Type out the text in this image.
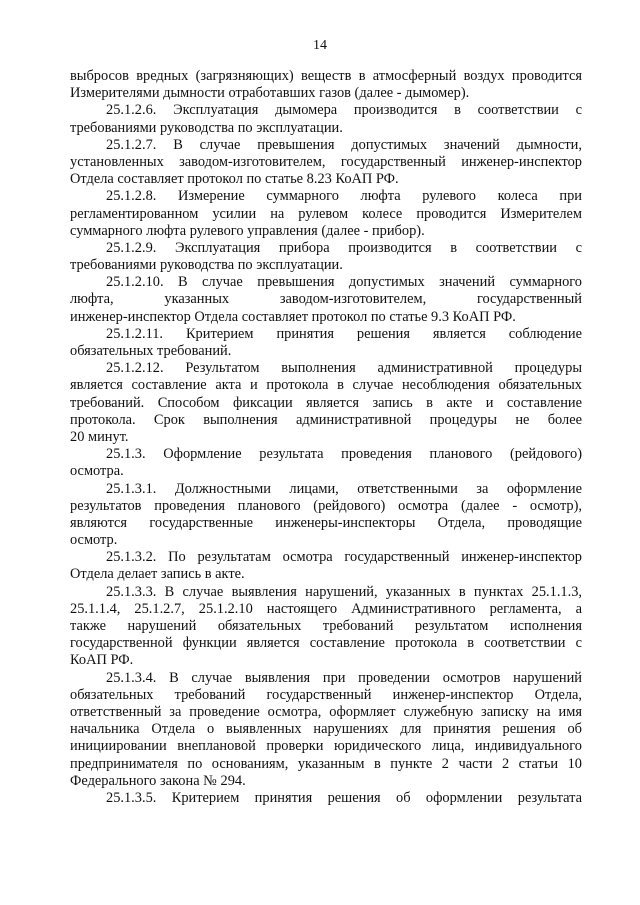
14
выбросов вредных (загрязняющих) веществ в атмосферный воздух проводится
Измерителями дымности отработавших газов (далее - дымомер).
25.1.2.6. Эксплуатация дымомера производится в соответствии с
требованиями руководства по эксплуатации.
25.1.2.7. В случае превышения допустимых значений дымности,
установленных заводом-изготовителем, государственный инженер-инспектор
Отдела составляет протокол по статье 8.23 КоАП РФ.
25.1.2.8. Измерение суммарного люфта рулевого колеса при
регламентированном усилии на рулевом колесе проводится Измерителем
суммарного люфта рулевого управления (далее - прибор).
25.1.2.9. Эксплуатация прибора производится в соответствии с
требованиями руководства по эксплуатации.
25.1.2.10. В случае превышения допустимых значений суммарного
люфта, указанных заводом-изготовителем, государственный
инженер-инспектор Отдела составляет протокол по статье 9.3 КоАП РФ.
25.1.2.11. Критерием принятия решения является соблюдение
обязательных требований.
25.1.2.12. Результатом выполнения административной процедуры
является составление акта и протокола в случае несоблюдения обязательных
требований. Способом фиксации является запись в акте и составление
протокола. Срок выполнения административной процедуры не более
20 минут.
25.1.3. Оформление результата проведения планового (рейдового)
осмотра.
25.1.3.1. Должностными лицами, ответственными за оформление
результатов проведения планового (рейдового) осмотра (далее - осмотр),
являются государственные инженеры-инспекторы Отдела, проводящие
осмотр.
25.1.3.2. По результатам осмотра государственный инженер-инспектор
Отдела делает запись в акте.
25.1.3.3. В случае выявления нарушений, указанных в пунктах 25.1.1.3,
25.1.1.4, 25.1.2.7, 25.1.2.10 настоящего Административного регламента, а
также нарушений обязательных требований результатом исполнения
государственной функции является составление протокола в соответствии с
КоАП РФ.
25.1.3.4. В случае выявления при проведении осмотров нарушений
обязательных требований государственный инженер-инспектор Отдела,
ответственный за проведение осмотра, оформляет служебную записку на имя
начальника Отдела о выявленных нарушениях для принятия решения об
инициировании внеплановой проверки юридического лица, индивидуального
предпринимателя по основаниям, указанным в пункте 2 части 2 статьи 10
Федерального закона № 294.
25.1.3.5. Критерием принятия решения об оформлении результата
